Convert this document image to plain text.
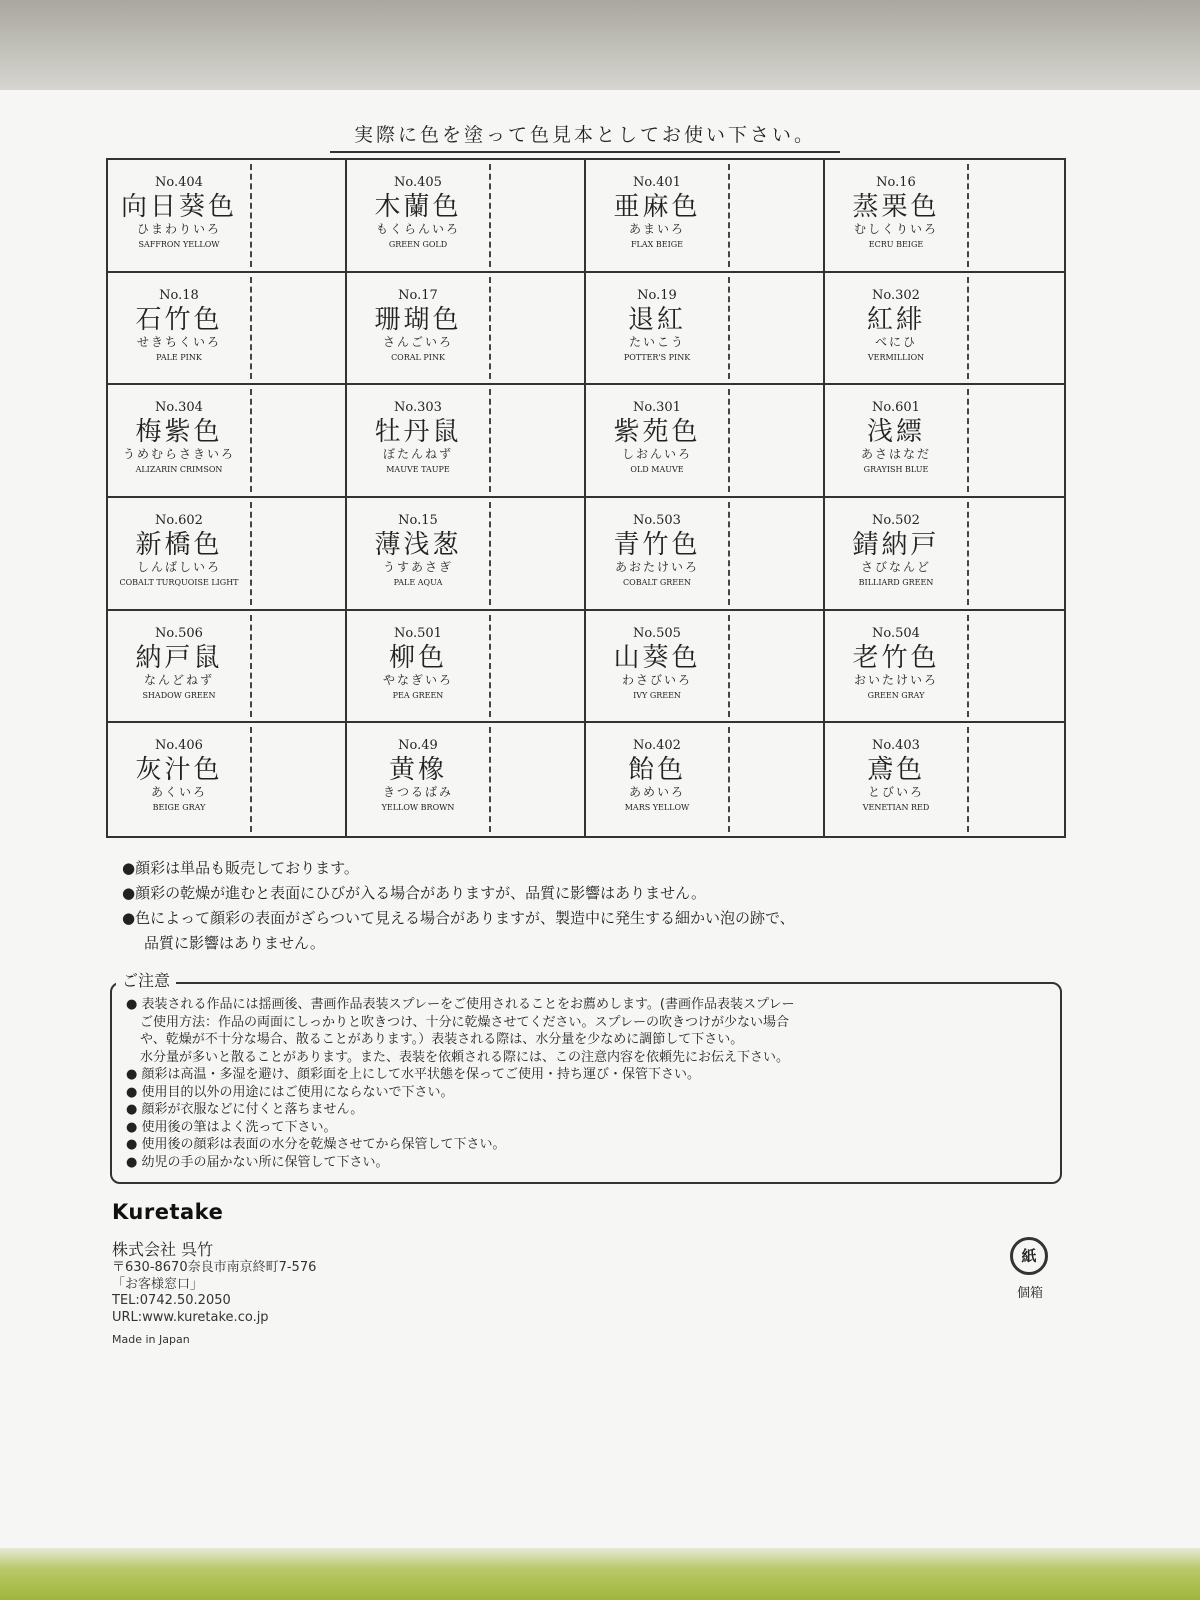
実際に色を塗って色見本としてお使い下さい。
No.404
向日葵色
ひまわりいろ
SAFFRON YELLOW
No.405
木蘭色
もくらんいろ
GREEN GOLD
No.401
亜麻色
あまいろ
FLAX BEIGE
No.16
蒸栗色
むしくりいろ
ECRU BEIGE
No.18
石竹色
せきちくいろ
PALE PINK
No.17
珊瑚色
さんごいろ
CORAL PINK
No.19
退紅
たいこう
POTTER'S PINK
No.302
紅緋
べにひ
VERMILLION
No.304
梅紫色
うめむらさきいろ
ALIZARIN CRIMSON
No.303
牡丹鼠
ぼたんねず
MAUVE TAUPE
No.301
紫苑色
しおんいろ
OLD MAUVE
No.601
浅縹
あさはなだ
GRAYISH BLUE
No.602
新橋色
しんばしいろ
COBALT TURQUOISE LIGHT
No.15
薄浅葱
うすあさぎ
PALE AQUA
No.503
青竹色
あおたけいろ
COBALT GREEN
No.502
錆納戸
さびなんど
BILLIARD GREEN
No.506
納戸鼠
なんどねず
SHADOW GREEN
No.501
柳色
やなぎいろ
PEA GREEN
No.505
山葵色
わさびいろ
IVY GREEN
No.504
老竹色
おいたけいろ
GREEN GRAY
No.406
灰汁色
あくいろ
BEIGE GRAY
No.49
黄橡
きつるばみ
YELLOW BROWN
No.402
飴色
あめいろ
MARS YELLOW
No.403
鳶色
とびいろ
VENETIAN RED

●顔彩は単品も販売しております。

●顔彩の乾燥が進むと表面にひびが入る場合がありますが、品質に影響はありません。

●色によって顔彩の表面がざらついて見える場合がありますが、製造中に発生する細かい泡の跡で、

品質に影響はありません。

● 表装される作品には揺画後、書画作品表装スプレーをご使用されることをお薦めします。(書画作品表装スプレー

ご使用方法：作品の両面にしっかりと吹きつけ、十分に乾燥させてください。スプレーの吹きつけが少ない場合

や、乾燥が不十分な場合、散ることがあります。）表装される際は、水分量を少なめに調節して下さい。

水分量が多いと散ることがあります。また、表装を依頼される際には、この注意内容を依頼先にお伝え下さい。

● 顔彩は高温・多湿を避け、顔彩面を上にして水平状態を保ってご使用・持ち運び・保管下さい。

● 使用目的以外の用途にはご使用にならないで下さい。

● 顔彩が衣服などに付くと落ちません。

● 使用後の筆はよく洗って下さい。

● 使用後の顔彩は表面の水分を乾燥させてから保管して下さい。

● 幼児の手の届かない所に保管して下さい。

ご注意
Kuretake
株式会社 呉竹

〒630-8670奈良市南京終町7-576

「お客様窓口」

TEL:0742.50.2050

URL:www.kuretake.co.jp

Made in Japan
紙
個箱
